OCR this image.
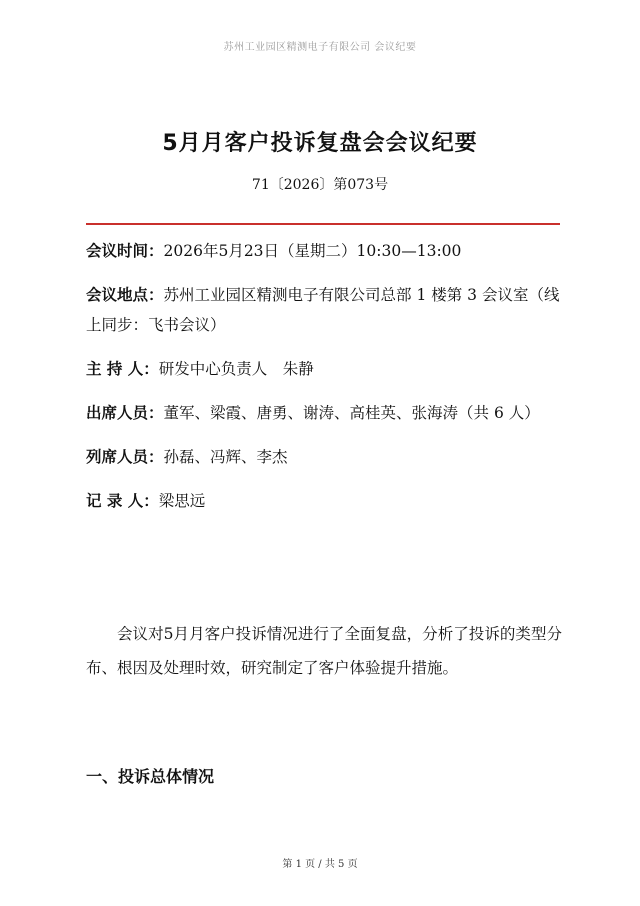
苏州工业园区精测电子有限公司 会议纪要
5月月客户投诉复盘会会议纪要
71〔2026〕第073号
会议时间：2026年5月23日（星期二）10:30—13:00
会议地点：苏州工业园区精测电子有限公司总部 1 楼第 3 会议室（线上同步：飞书会议）
主 持 人：研发中心负责人　朱静
出席人员：董军、梁霞、唐勇、谢涛、高桂英、张海涛（共 6 人）
列席人员：孙磊、冯辉、李杰
记 录 人：梁思远

会议对5月月客户投诉情况进行了全面复盘，分析了投诉的类型分布、根因及处理时效，研究制定了客户体验提升措施。

一、投诉总体情况
第 1 页 / 共 5 页
